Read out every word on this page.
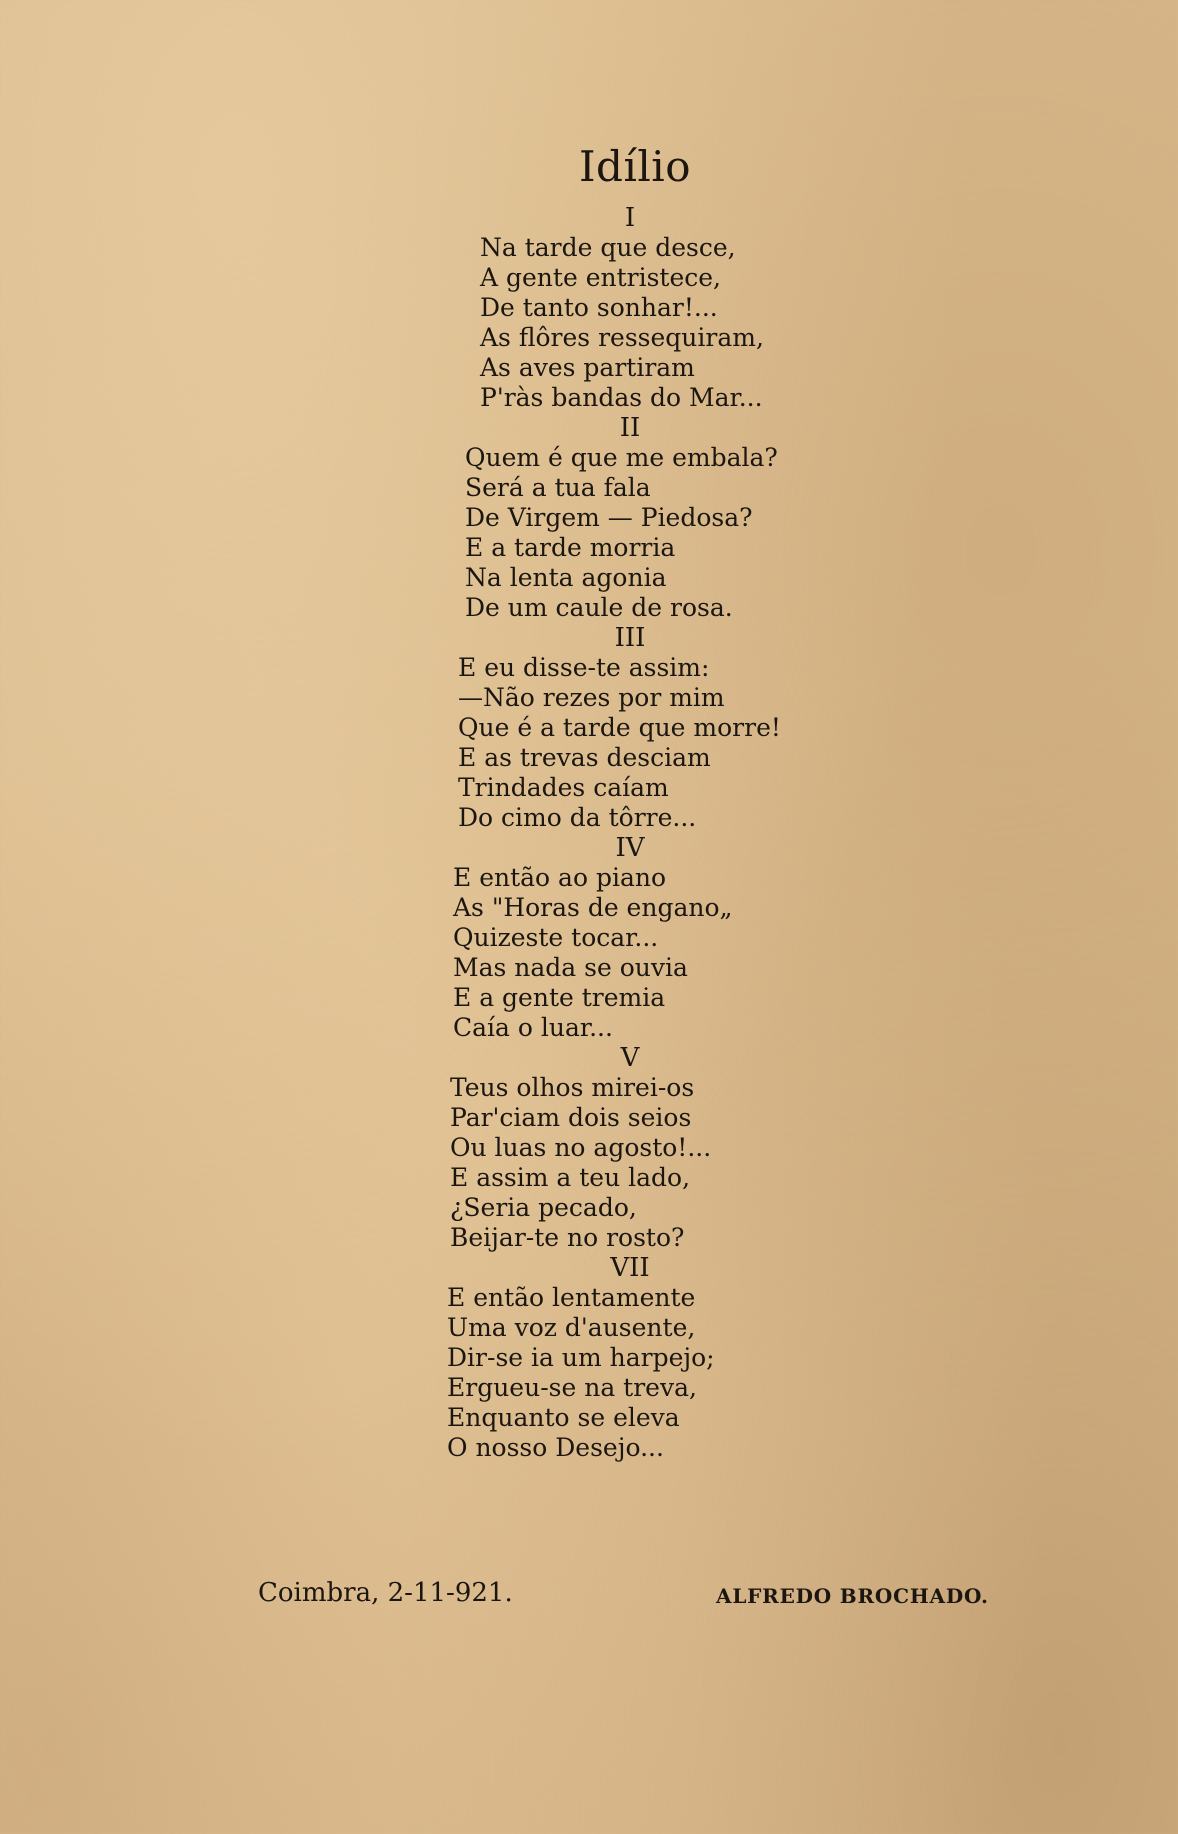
Idílio
I
Na tarde que desce,
A gente entristece,
De tanto sonhar!...
As flôres ressequiram,
As aves partiram
P'ràs bandas do Mar...
II
Quem é que me embala?
Será a tua fala
De Virgem — Piedosa?
E a tarde morria
Na lenta agonia
De um caule de rosa.
III
E eu disse-te assim:
—Não rezes por mim
Que é a tarde que morre!
E as trevas desciam
Trindades caíam
Do cimo da tôrre...
IV
E então ao piano
As "Horas de engano„
Quizeste tocar...
Mas nada se ouvia
E a gente tremia
Caía o luar...
V
Teus olhos mirei-os
Par'ciam dois seios
Ou luas no agosto!...
E assim a teu lado,
¿Seria pecado,
Beijar-te no rosto?
VII
E então lentamente
Uma voz d'ausente,
Dir-se ia um harpejo;
Ergueu-se na treva,
Enquanto se eleva
O nosso Desejo...
Coimbra, 2-11-921.	ALFREDO BROCHADO.
